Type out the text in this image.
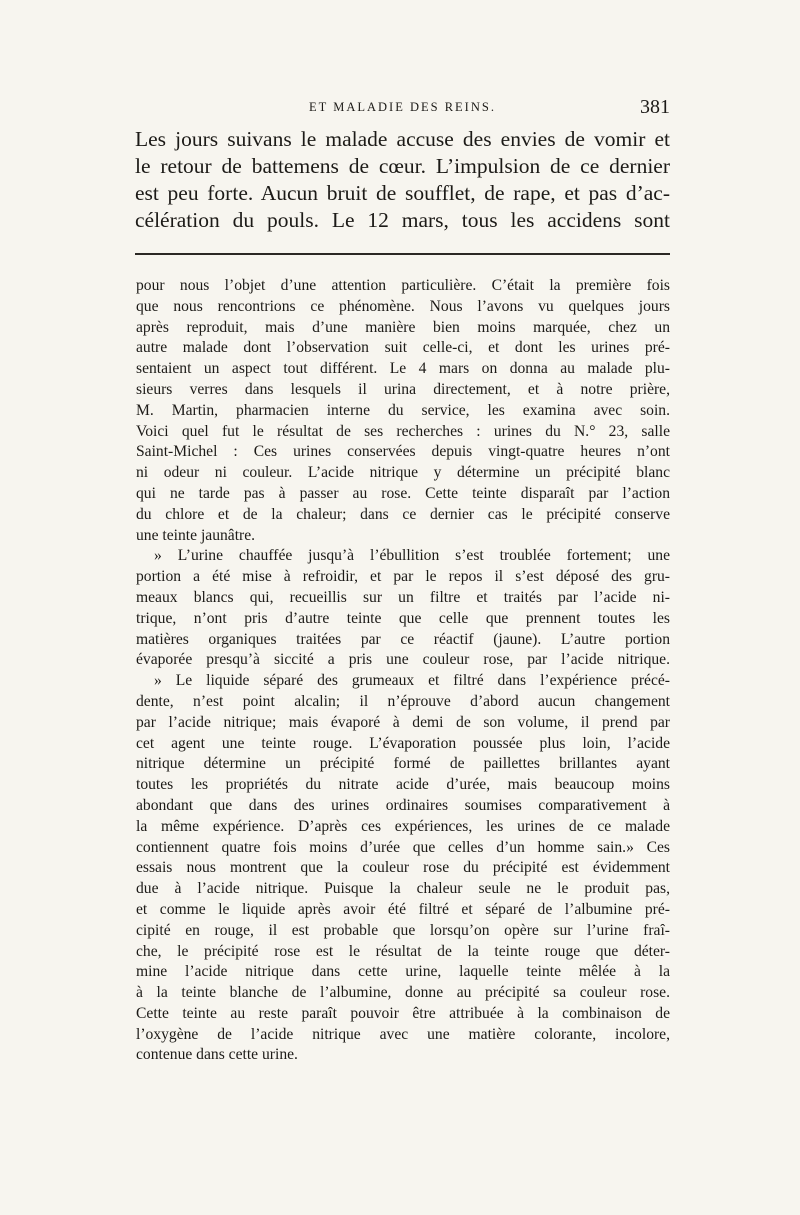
ET MALADIE DES REINS.	381
Les jours suivans le malade accuse des envies de vomir et
le retour de battemens de cœur. L’impulsion de ce dernier
est peu forte. Aucun bruit de soufflet, de rape, et pas d’ac-
célération du pouls. Le 12 mars, tous les accidens sont
pour nous l’objet d’une attention particulière. C’était la première fois
que nous rencontrions ce phénomène. Nous l’avons vu quelques jours
après reproduit, mais d’une manière bien moins marquée, chez un
autre malade dont l’observation suit celle-ci, et dont les urines pré-
sentaient un aspect tout différent. Le 4 mars on donna au malade plu-
sieurs verres dans lesquels il urina directement, et à notre prière,
M. Martin, pharmacien interne du service, les examina avec soin.
Voici quel fut le résultat de ses recherches : urines du N.° 23, salle
Saint-Michel : Ces urines conservées depuis vingt-quatre heures n’ont
ni odeur ni couleur. L’acide nitrique y détermine un précipité blanc
qui ne tarde pas à passer au rose. Cette teinte disparaît par l’action
du chlore et de la chaleur; dans ce dernier cas le précipité conserve
une teinte jaunâtre.
» L’urine chauffée jusqu’à l’ébullition s’est troublée fortement; une
portion a été mise à refroidir, et par le repos il s’est déposé des gru-
meaux blancs qui, recueillis sur un filtre et traités par l’acide ni-
trique, n’ont pris d’autre teinte que celle que prennent toutes les
matières organiques traitées par ce réactif (jaune). L’autre portion
évaporée presqu’à siccité a pris une couleur rose, par l’acide nitrique.
» Le liquide séparé des grumeaux et filtré dans l’expérience précé-
dente, n’est point alcalin; il n’éprouve d’abord aucun changement
par l’acide nitrique; mais évaporé à demi de son volume, il prend par
cet agent une teinte rouge. L’évaporation poussée plus loin, l’acide
nitrique détermine un précipité formé de paillettes brillantes ayant
toutes les propriétés du nitrate acide d’urée, mais beaucoup moins
abondant que dans des urines ordinaires soumises comparativement à
la même expérience. D’après ces expériences, les urines de ce malade
contiennent quatre fois moins d’urée que celles d’un homme sain.» Ces
essais nous montrent que la couleur rose du précipité est évidemment
due à l’acide nitrique. Puisque la chaleur seule ne le produit pas,
et comme le liquide après avoir été filtré et séparé de l’albumine pré-
cipité en rouge, il est probable que lorsqu’on opère sur l’urine fraî-
che, le précipité rose est le résultat de la teinte rouge que déter-
mine l’acide nitrique dans cette urine, laquelle teinte mêlée à la
à la teinte blanche de l’albumine, donne au précipité sa couleur rose.
Cette teinte au reste paraît pouvoir être attribuée à la combinaison de
l’oxygène de l’acide nitrique avec une matière colorante, incolore,
contenue dans cette urine.
